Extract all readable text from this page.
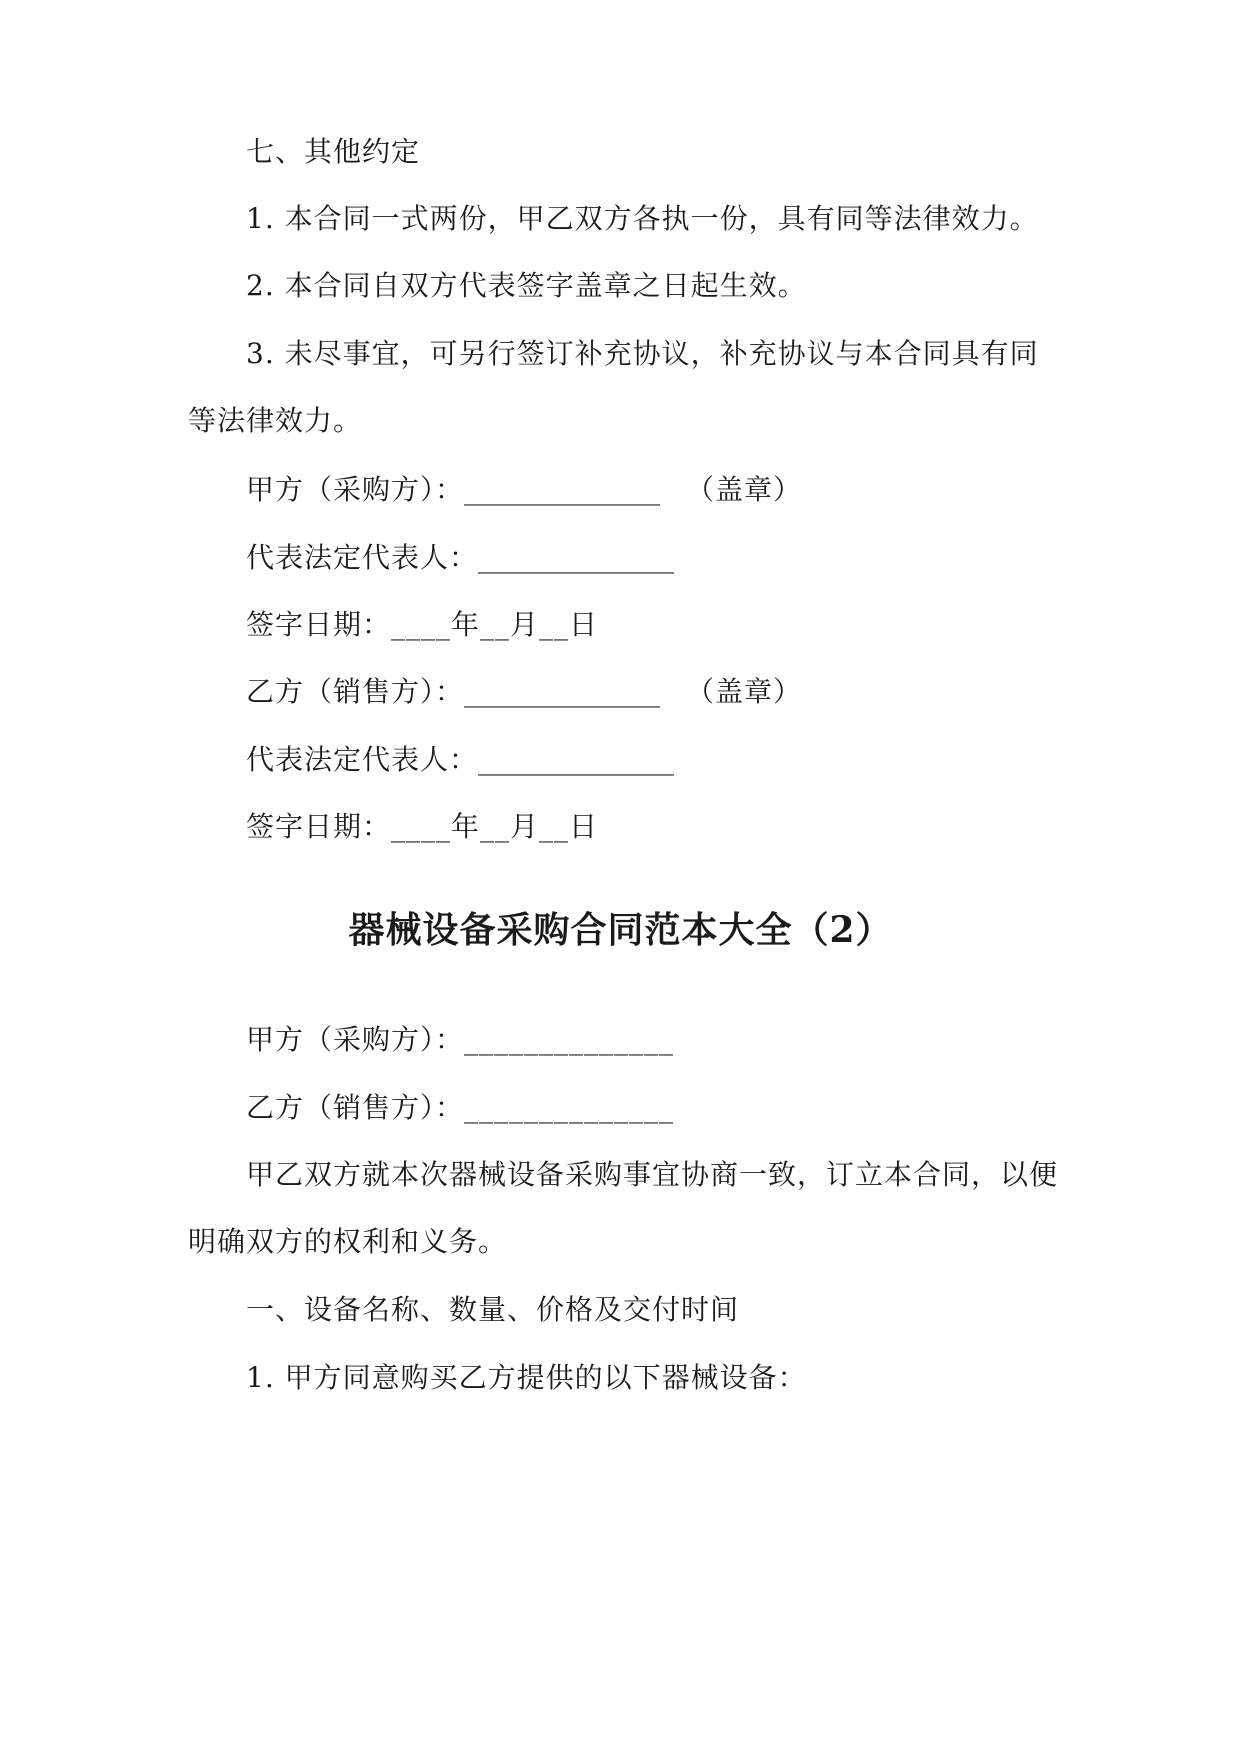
七、其他约定
1. 本合同一式两份，甲乙双方各执一份，具有同等法律效力。
2. 本合同自双方代表签字盖章之日起生效。
3. 未尽事宜，可另行签订补充协议，补充协议与本合同具有同
等法律效力。
甲方（采购方）：______________ （盖章）
代表法定代表人：______________
签字日期：____年__月__日
乙方（销售方）：______________ （盖章）
代表法定代表人：______________
签字日期：____年__月__日
器械设备采购合同范本大全（2）
甲方（采购方）：______________
乙方（销售方）：______________
甲乙双方就本次器械设备采购事宜协商一致，订立本合同，以便
明确双方的权利和义务。
一、设备名称、数量、价格及交付时间
1. 甲方同意购买乙方提供的以下器械设备：
